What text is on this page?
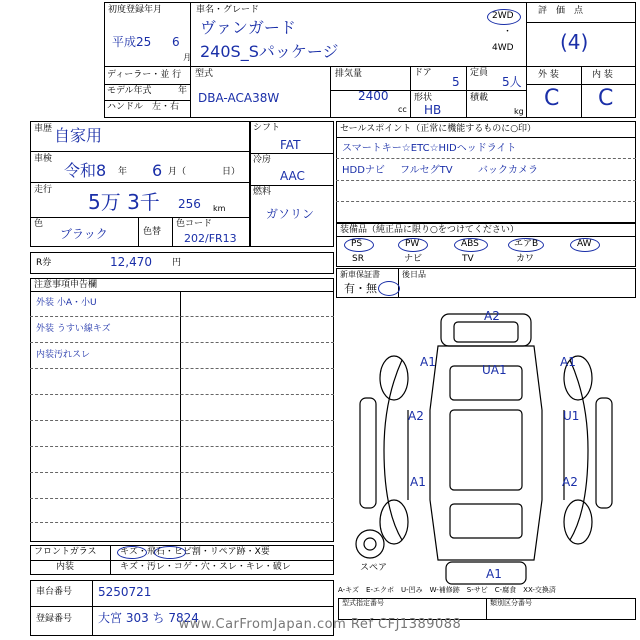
初度登録年月
平成25 6
月
車名・グレード
ヴァンガード
240S_Sパッケージ
2WD
・
4WD
評　価　点
(4)
ディーラー・並 行
モデル年式	年
ハンドル　左・右
型式
DBA-ACA38W
排気量
2400
cc
ドア
5
定員
5人
形状
HB
積載
kg
外 装	内 装
C C
車歴 自家用
車検
令和8 年 6 月（	日）
走行 5万 3千 256 km
色
ブラック	色替
色コード
202/FR13
シフト
FAT
冷房
AAC
燃料
ガソリン
セールスポイント（正常に機能するものに○印）
スマートキー☆ETC☆HIDヘッドライト
HDDナビ フルセグTV	バックカメラ
装備品（純正品に限り○をつけてください）
PS	PW	ABS	エアB	AW
SR	ナビ	TV	カワ
R券	12,470 円
新車保証書	後日品
有・無
注意事項申告欄
外装 小A・小U
外装 うすい線キズ
内装汚れスレ
フロントガラス	キズ・飛石・ヒビ割・リペア跡・X要
内装	キズ・汚レ・コゲ・穴・スレ・キレ・破レ
車台番号 5250721
登録番号 大宮 303 ち 7824
A2
A1
UA1
A1
A2	U1
A1	A2
A1
スペア
A-キズ　E-エクボ　U-凹み　W-補修跡　S-サビ　C-腐食　XX-交換済
型式指定番号	類別区分番号
www.CarFromJapan.com Ref CFJ1389088
